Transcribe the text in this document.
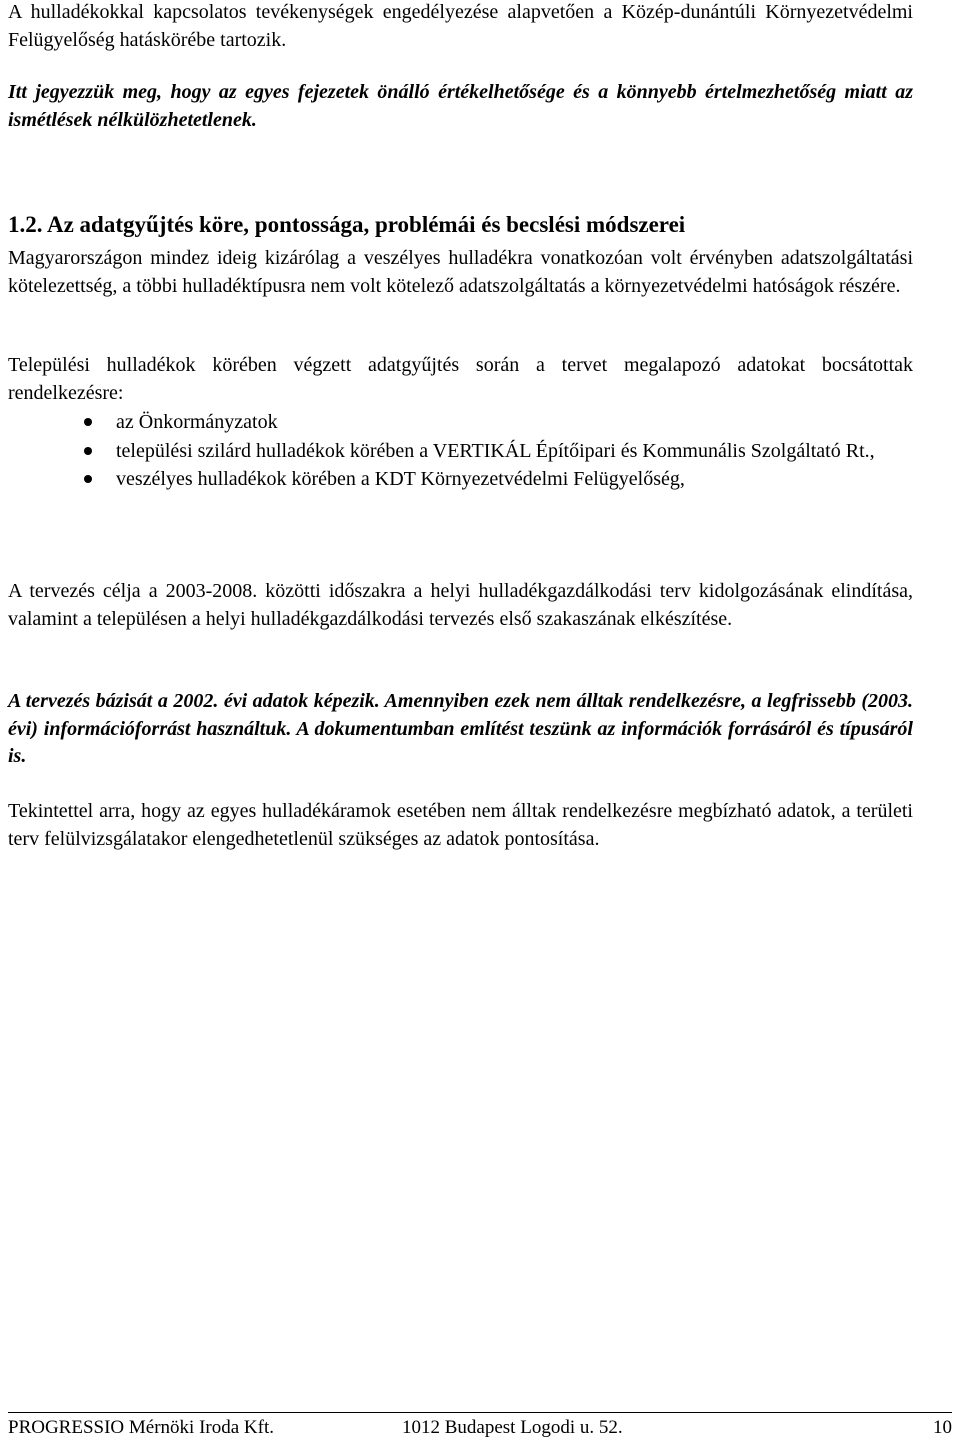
A hulladékokkal kapcsolatos tevékenységek engedélyezése alapvetően a Közép-dunántúli Környezetvédelmi Felügyelőség hatáskörébe tartozik.

Itt jegyezzük meg, hogy az egyes fejezetek önálló értékelhetősége és a könnyebb értelmezhetőség miatt az ismétlések nélkülözhetetlenek.

1.2. Az adatgyűjtés köre, pontossága, problémái és becslési módszerei

Magyarországon mindez ideig kizárólag a veszélyes hulladékra vonatkozóan volt érvényben adatszolgáltatási kötelezettség, a többi hulladéktípusra nem volt kötelező adatszolgáltatás a környezetvédelmi hatóságok részére.

Települési hulladékok körében végzett adatgyűjtés során a tervet megalapozó adatokat bocsátottak rendelkezésre:

az Önkormányzatok
települési szilárd hulladékok körében a VERTIKÁL Építőipari és Kommunális Szolgáltató Rt.,
veszélyes hulladékok körében a KDT Környezetvédelmi Felügyelőség,

A tervezés célja a 2003-2008. közötti időszakra a helyi hulladékgazdálkodási terv kidolgozásának elindítása, valamint a településen a helyi hulladékgazdálkodási tervezés első szakaszának elkészítése.

A tervezés bázisát a 2002. évi adatok képezik. Amennyiben ezek nem álltak rendelkezésre, a legfrissebb (2003. évi) információforrást használtuk. A dokumentumban említést teszünk az információk forrásáról és típusáról is.

Tekintettel arra, hogy az egyes hulladékáramok esetében nem álltak rendelkezésre megbízható adatok, a területi terv felülvizsgálatakor elengedhetetlenül szükséges az adatok pontosítása.

PROGRESSIO Mérnöki Iroda Kft.	1012 Budapest Logodi u. 52.	10
